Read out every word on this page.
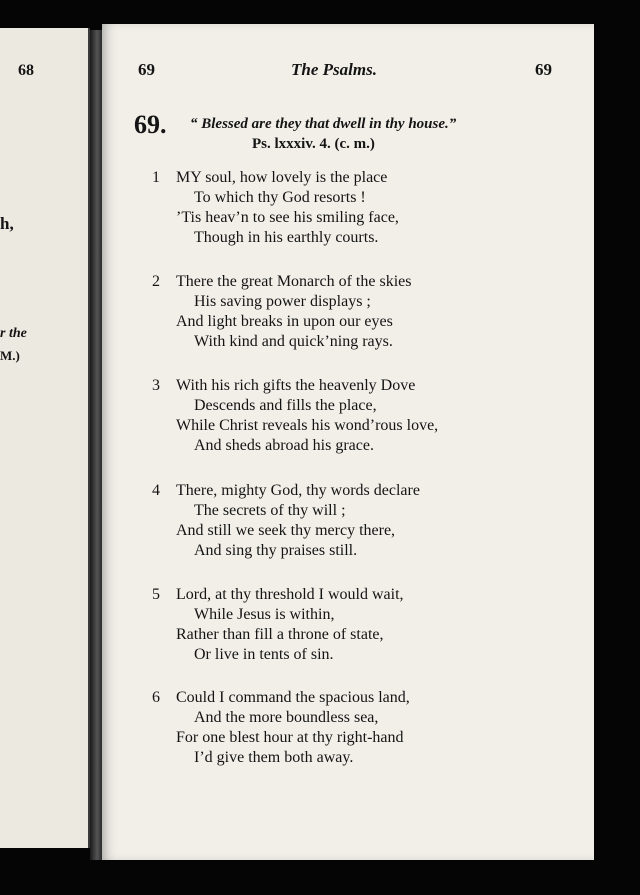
68
h,
r the
M.)
69	The Psalms.	69
69. “ Blessed are they that dwell in thy house.”
Ps. lxxxiv. 4. (c. m.)
1 MY soul, how lovely is the place
To which thy God resorts !
’Tis heav’n to see his smiling face,
Though in his earthly courts.
2 There the great Monarch of the skies
His saving power displays ;
And light breaks in upon our eyes
With kind and quick’ning rays.
3 With his rich gifts the heavenly Dove
Descends and fills the place,
While Christ reveals his wond’rous love,
And sheds abroad his grace.
4 There, mighty God, thy words declare
The secrets of thy will ;
And still we seek thy mercy there,
And sing thy praises still.
5 Lord, at thy threshold I would wait,
While Jesus is within,
Rather than fill a throne of state,
Or live in tents of sin.
6 Could I command the spacious land,
And the more boundless sea,
For one blest hour at thy right-hand
I’d give them both away.
